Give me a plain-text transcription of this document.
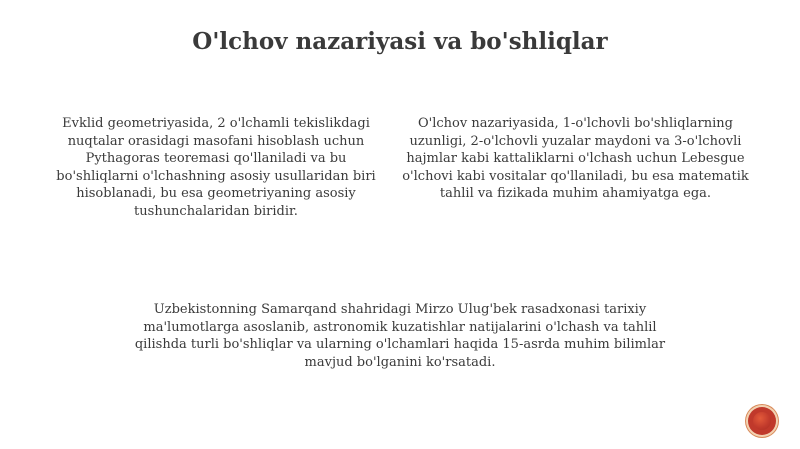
O'lchov nazariyasi va bo'shliqlar

Evklid geometriyasida, 2 o'lchamli tekislikdagi nuqtalar orasidagi masofani hisoblash uchun Pythagoras teoremasi qo'llaniladi va bu bo'shliqlarni o'lchashning asosiy usullaridan biri hisoblanadi, bu esa geometriyaning asosiy tushunchalaridan biridir.

O'lchov nazariyasida, 1-o'lchovli bo'shliqlarning uzunligi, 2-o'lchovli yuzalar maydoni va 3-o'lchovli hajmlar kabi kattaliklarni o'lchash uchun Lebesgue o'lchovi kabi vositalar qo'llaniladi, bu esa matematik tahlil va fizikada muhim ahamiyatga ega.

Uzbekistonning Samarqand shahridagi Mirzo Ulug'bek rasadxonasi tarixiy ma'lumotlarga asoslanib, astronomik kuzatishlar natijalarini o'lchash va tahlil qilishda turli bo'shliqlar va ularning o'lchamlari haqida 15-asrda muhim bilimlar mavjud bo'lganini ko'rsatadi.
